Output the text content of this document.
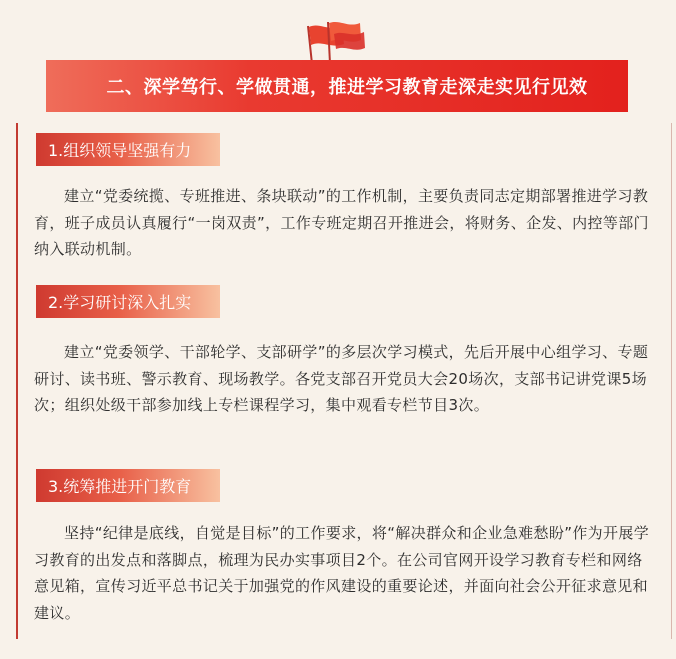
二、深学笃行、学做贯通，推进学习教育走深走实见行见效
1.组织领导坚强有力

建立“党委统揽、专班推进、条块联动”的工作机制，主要负责同志定期部署推进学习教育，班子成员认真履行“一岗双责”，工作专班定期召开推进会，将财务、企发、内控等部门纳入联动机制。

2.学习研讨深入扎实

建立“党委领学、干部轮学、支部研学”的多层次学习模式，先后开展中心组学习、专题研讨、读书班、警示教育、现场教学。各党支部召开党员大会20场次，支部书记讲党课5场次；组织处级干部参加线上专栏课程学习，集中观看专栏节目3次。

3.统筹推进开门教育

坚持“纪律是底线，自觉是目标”的工作要求，将“解决群众和企业急难愁盼”作为开展学习教育的出发点和落脚点，梳理为民办实事项目2个。在公司官网开设学习教育专栏和网络意见箱，宣传习近平总书记关于加强党的作风建设的重要论述，并面向社会公开征求意见和建议。
